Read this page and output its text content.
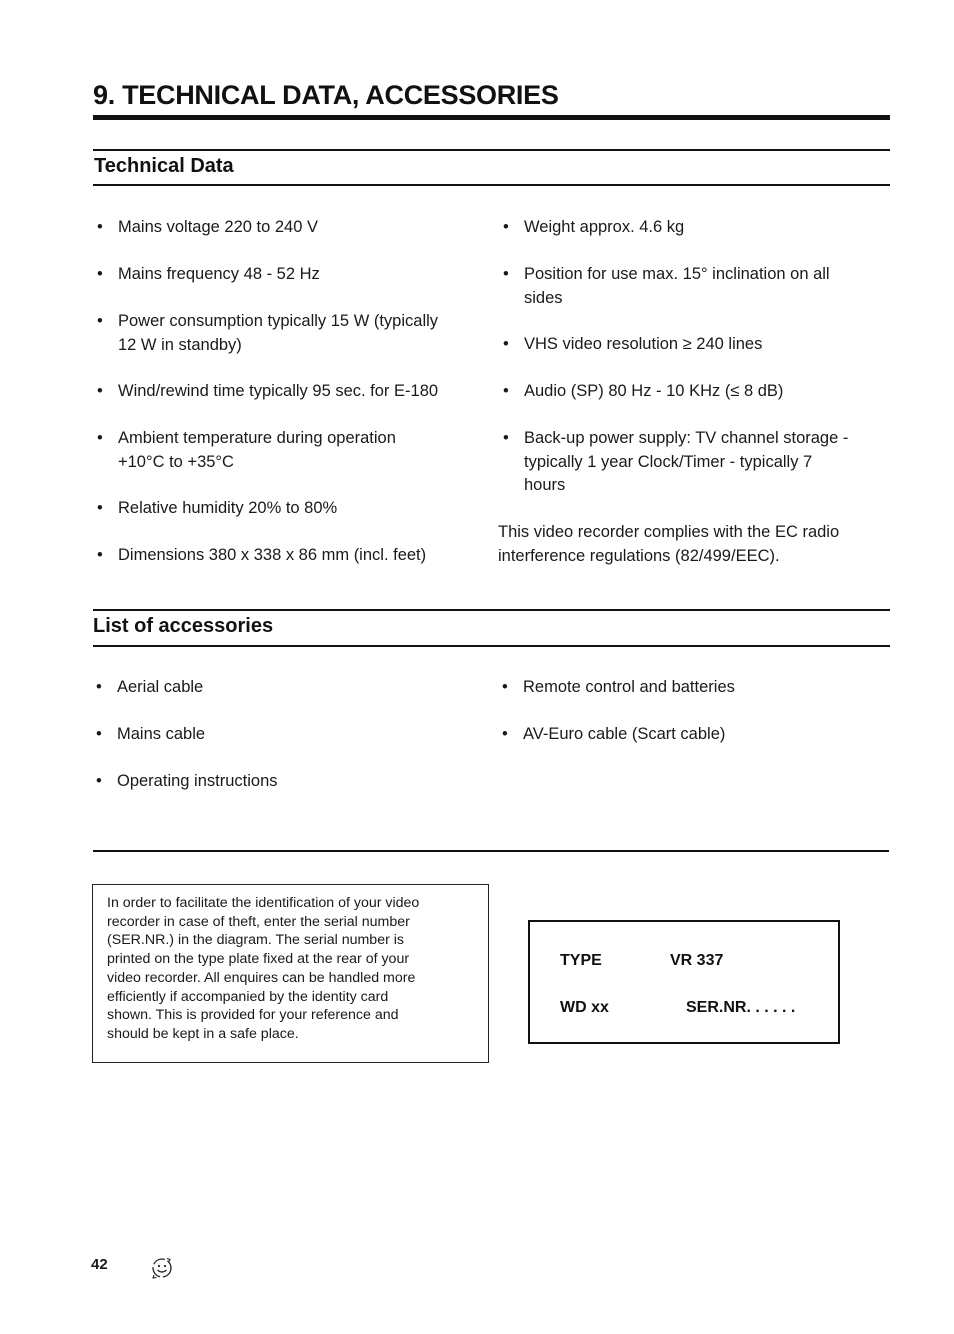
9. TECHNICAL DATA, ACCESSORIES
Technical Data
• Mains voltage 220 to 240 V
• Mains frequency 48 - 52 Hz
• Power consumption typically 15 W (typically
12 W in standby)
• Wind/rewind time typically 95 sec. for E-180
• Ambient temperature during operation
+10°C to +35°C
• Relative humidity 20% to 80%
• Dimensions 380 x 338 x 86 mm (incl. feet)
• Weight approx. 4.6 kg
• Position for use max. 15° inclination on all
sides
• VHS video resolution ≥ 240 lines
• Audio (SP) 80 Hz - 10 KHz (≤ 8 dB)
• Back-up power supply: TV channel storage -
typically 1 year Clock/Timer - typically 7
hours
This video recorder complies with the EC radio
interference regulations (82/499/EEC).
List of accessories
• Aerial cable
• Mains cable
• Operating instructions
• Remote control and batteries
• AV-Euro cable (Scart cable)
In order to facilitate the identification of your video
recorder in case of theft, enter the serial number
(SER.NR.) in the diagram. The serial number is
printed on the type plate fixed at the rear of your
video recorder. All enquires can be handled more
efficiently if accompanied by the identity card
shown. This is provided for your reference and
should be kept in a safe place.
TYPE	VR 337
WD xx	SER.NR. . . . . .
42
